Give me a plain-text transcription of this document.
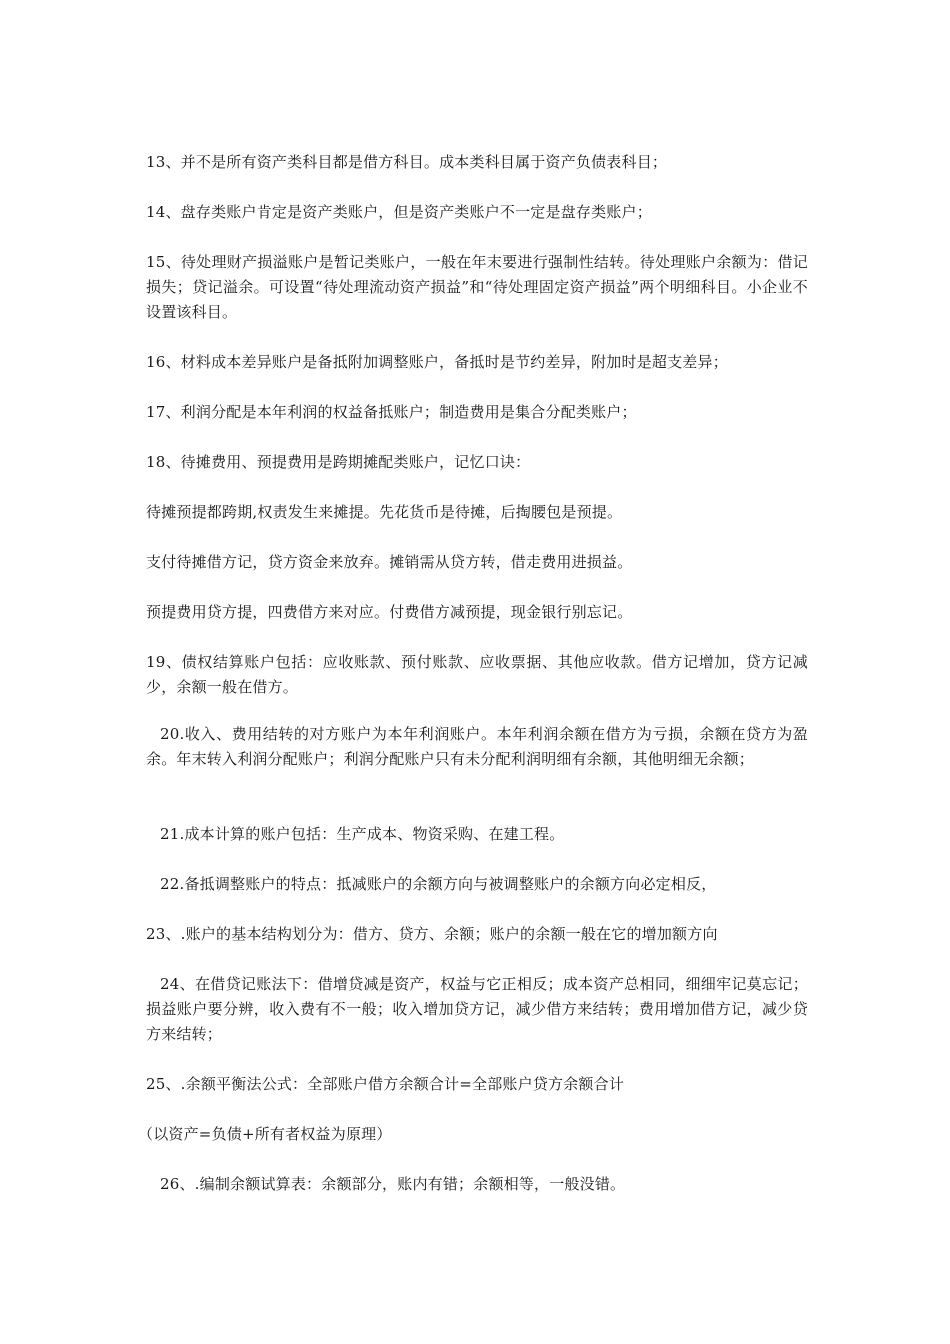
13、并不是所有资产类科目都是借方科目。成本类科目属于资产负债表科目；

14、盘存类账户肯定是资产类账户，但是资产类账户不一定是盘存类账户；

15、待处理财产损溢账户是暂记类账户，一般在年末要进行强制性结转。待处理账户余额为：借记损失；贷记溢余。可设置“待处理流动资产损益”和“待处理固定资产损益”两个明细科目。小企业不设置该科目。

16、材料成本差异账户是备抵附加调整账户，备抵时是节约差异，附加时是超支差异；

17、利润分配是本年利润的权益备抵账户；制造费用是集合分配类账户；

18、待摊费用、预提费用是跨期摊配类账户，记忆口诀：

待摊预提都跨期,权责发生来摊提。先花货币是待摊，后掏腰包是预提。

支付待摊借方记，贷方资金来放弃。摊销需从贷方转，借走费用进损益。

预提费用贷方提，四费借方来对应。付费借方减预提，现金银行别忘记。

19、债权结算账户包括：应收账款、预付账款、应收票据、其他应收款。借方记增加，贷方记减少，余额一般在借方。

20.收入、费用结转的对方账户为本年利润账户。本年利润余额在借方为亏损，余额在贷方为盈余。年末转入利润分配账户；利润分配账户只有未分配利润明细有余额，其他明细无余额；

21.成本计算的账户包括：生产成本、物资采购、在建工程。

22.备抵调整账户的特点：抵减账户的余额方向与被调整账户的余额方向必定相反，

23、.账户的基本结构划分为：借方、贷方、余额；账户的余额一般在它的增加额方向

24、在借贷记账法下：借增贷减是资产，权益与它正相反；成本资产总相同，细细牢记莫忘记；损益账户要分辨，收入费有不一般；收入增加贷方记，减少借方来结转；费用增加借方记，减少贷方来结转；

25、.余额平衡法公式：全部账户借方余额合计=全部账户贷方余额合计

（以资产=负债+所有者权益为原理）

26、.编制余额试算表：余额部分，账内有错；余额相等，一般没错。
